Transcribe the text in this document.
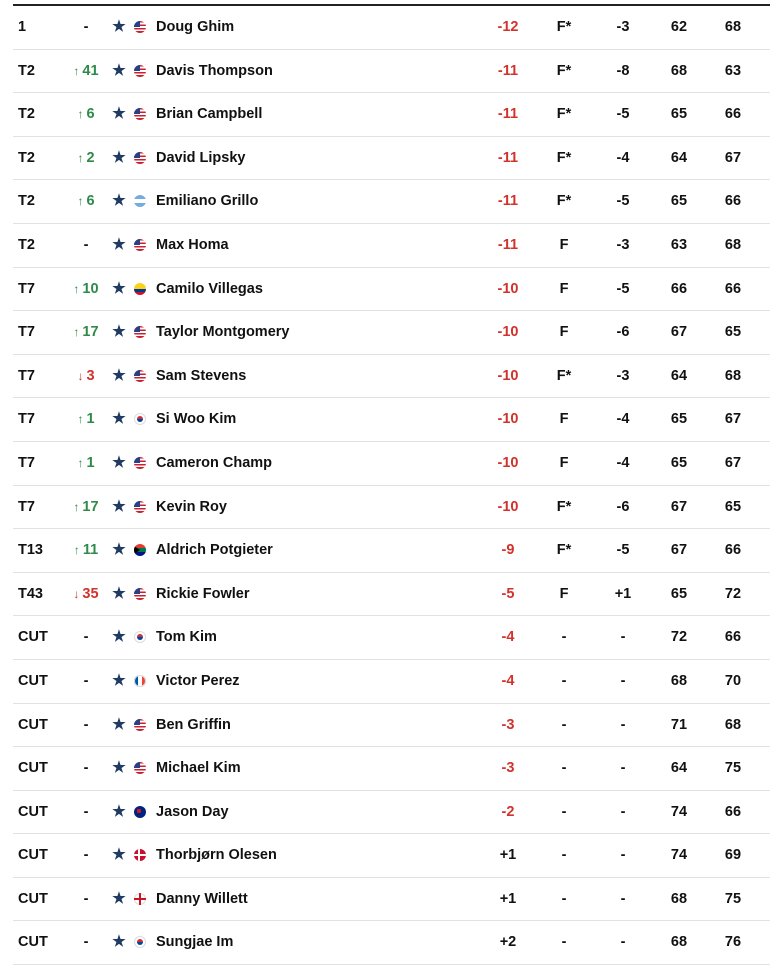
1	-	★ Doug Ghim	-12	F*	-3	62	68
T2	↑ 41 ★ Davis Thompson	-11	F*	-8	68	63
T2	↑ 6	★ Brian Campbell	-11	F*	-5	65	66
T2	↑ 2	★ David Lipsky	-11	F*	-4	64	67
T2	↑ 6	★ Emiliano Grillo	-11	F*	-5	65	66
T2	-	★ Max Homa	-11	F	-3	63	68
T7	↑ 10 ★ Camilo Villegas	-10	F	-5	66	66
T7	↑ 17 ★ Taylor Montgomery	-10	F	-6	67	65
T7	↓ 3	★ Sam Stevens	-10	F*	-3	64	68
T7	↑ 1	★ Si Woo Kim	-10	F	-4	65	67
T7	↑ 1	★ Cameron Champ	-10	F	-4	65	67
T7	↑ 17 ★ Kevin Roy	-10	F*	-6	67	65
T13	↑ 11 ★ Aldrich Potgieter	-9	F*	-5	67	66
T43	↓ 35 ★ Rickie Fowler	-5	F	+1	65	72
CUT	-	★ Tom Kim	-4	-	-	72	66
CUT	-	★ Victor Perez	-4	-	-	68	70
CUT	-	★ Ben Griffin	-3	-	-	71	68
CUT	-	★ Michael Kim	-3	-	-	64	75
CUT	-	★ Jason Day	-2	-	-	74	66
CUT	-	★ Thorbjørn Olesen	+1	-	-	74	69
CUT	-	★ Danny Willett	+1	-	-	68	75
CUT	-	★ Sungjae Im	+2	-	-	68	76
